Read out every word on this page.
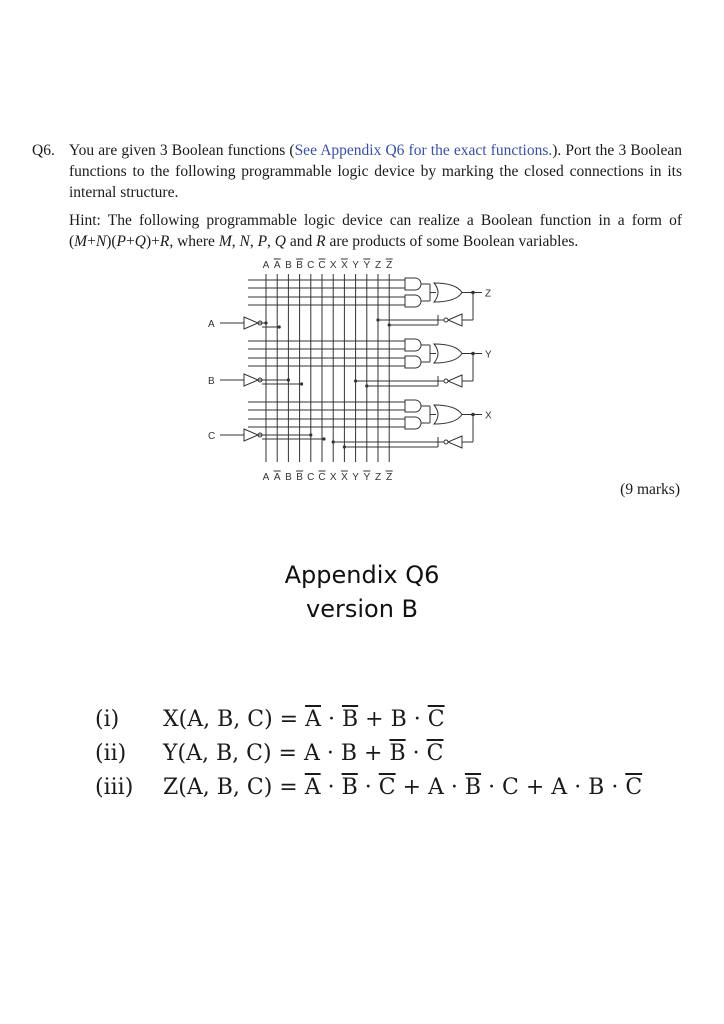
Q6. You are given 3 Boolean functions (See Appendix Q6 for the exact functions.). Port the 3 Boolean functions to the following programmable logic device by marking the closed connections in its internal structure.

Hint: The following programmable logic device can realize a Boolean function in a form of (M+N)(P+Q)+R, where M, N, P, Q and R are products of some Boolean variables.

A
A
A
A
B
B
B
B
C
C
C
C
X
X
X
X
Y
Y
Y
Y
Z
Z
Z
Z
Z
Y
X
A
B
C
(9 marks)
Appendix Q6
version B
(i) X(A, B, $C) = \overline{A} \cdot \overline{B} + B \cdot \overline{C}$
(ii) Y(A, B, $C) = A \cdot B + \overline{B} \cdot \overline{C}$
(iii) Z(A, B, $C) = \overline{A} \cdot \overline{B} \cdot \overline{C} + A \cdot \overline{B} \cdot C + A \cdot B \cdot \overline{C}$
